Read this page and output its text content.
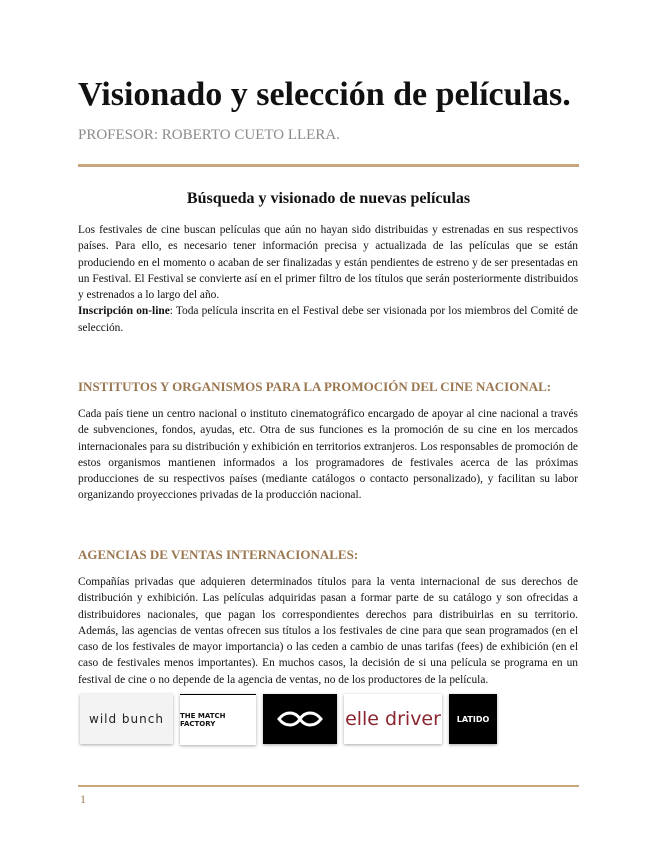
Visionado y selección de películas.
PROFESOR: ROBERTO CUETO LLERA.
Búsqueda y visionado de nuevas películas
Los festivales de cine buscan películas que aún no hayan sido distribuidas y estrenadas en sus respectivos países. Para ello, es necesario tener información precisa y actualizada de las películas que se están produciendo en el momento o acaban de ser finalizadas y están pendientes de estreno y de ser presentadas en un Festival. El Festival se convierte así en el primer filtro de los títulos que serán posteriormente distribuidos y estrenados a lo largo del año.
Inscripción on-line: Toda película inscrita en el Festival debe ser visionada por los miembros del Comité de selección.
INSTITUTOS Y ORGANISMOS PARA LA PROMOCIÓN DEL CINE NACIONAL:
Cada país tiene un centro nacional o instituto cinematográfico encargado de apoyar al cine nacional a través de subvenciones, fondos, ayudas, etc. Otra de sus funciones es la promoción de su cine en los mercados internacionales para su distribución y exhibición en territorios extranjeros. Los responsables de promoción de estos organismos mantienen informados a los programadores de festivales acerca de las próximas producciones de su respectivos países (mediante catálogos o contacto personalizado), y facilitan su labor organizando proyecciones privadas de la producción nacional.
AGENCIAS DE VENTAS INTERNACIONALES:
Compañías privadas que adquieren determinados títulos para la venta internacional de sus derechos de distribución y exhibición. Las películas adquiridas pasan a formar parte de su catálogo y son ofrecidas a distribuidores nacionales, que pagan los correspondientes derechos para distribuirlas en su territorio. Además, las agencias de ventas ofrecen sus títulos a los festivales de cine para que sean programados (en el caso de los festivales de mayor importancia) o las ceden a cambio de unas tarifas (fees) de exhibición (en el caso de festivales menos importantes). En muchos casos, la decisión de si una película se programa en un festival de cine o no depende de la agencia de ventas, no de los productores de la película.
wild bunch	THE MATCH FACTORY	elle driver	LATIDO
1
